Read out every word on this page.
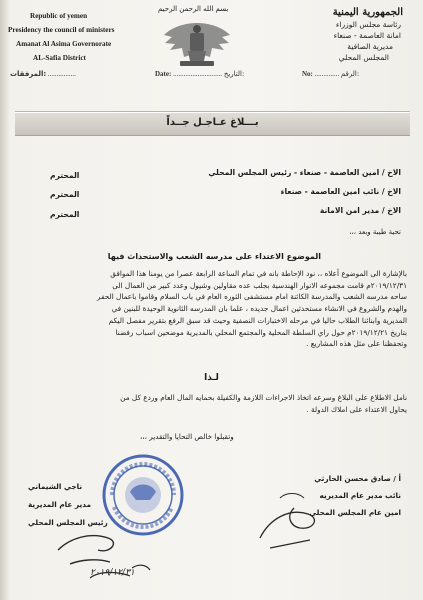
Republic of yemen
Presidency the council of ministers
Amanat Al Asima Governorate
AL-Safia District
بسم الله الرحمن الرحيم	الجمهورية اليمنية
رئاسة مجلس الوزراء
امانة العاصمة - صنعاء
مديرية الصافية
المجلس المحلي
المرفقات: ................	Date: ............................ التاريخ:	No: .............. الرقم:
بـــلاغ عـاجـل جــداً
الاخ / امين العاصمة - صنعاء - رئيس المجلس المحلي
المحترم
الاخ / نائب امين العاصمة - صنعاء
المحترم
الاخ / مدير امن الامانة
المحترم
تحية طيبة وبعد ،،،
الموضوع الاعتداء على مدرسه الشعب والاستحداث فيها
بالإشارة الى الموضوع أعلاه ،، نود الإحاطة بانه في تمام الساعة الرابعة عصرا من يومنا هذا الموافق
٢٠١٩/١٢/٣١م قامت مجموعه الانوار الهندسية بجلب عده مقاولين وشيول وعدد كبير من العمال الى
ساحه مدرسه الشعب والمدرسة الكائنة امام مستشفى الثوره العام في باب السلام وقاموا باعمال الحفر
والهدم والشروع في الانشاء مستحدثين اعمال جديده ، علما بان المدرسه الثانوية الوحيدة للبنين في
المديرية وابنائنا الطلاب حاليا في مرحله الاختبارات النصفية وحيث قد سبق الرفع بتقرير مفصل اليكم
بتاريخ ٢٠١٩/١٢/٢١م حول راي السلطة المحلية والمجتمع المحلي بالمديرية موضحين اسباب رفضنا
وتحفظنا على مثل هذه المشاريع .
لـذا
نامل الاطلاع على البلاغ وسرعه اتخاذ الاجراءات اللازمة والكفيلة بحمايه المال العام وردع كل من
يحاول الاعتداء على املاك الدولة .
وتقبلوا خالص التحايا والتقدير ،،،
ناجي الشيماني
مدير عام المديرية
رئيس المجلس المحلي
٢٠١٩/١٢/٣١
أ / صادق محسن الحارثي
نائب مدير عام المديريه
امين عام المجلس المحلي
